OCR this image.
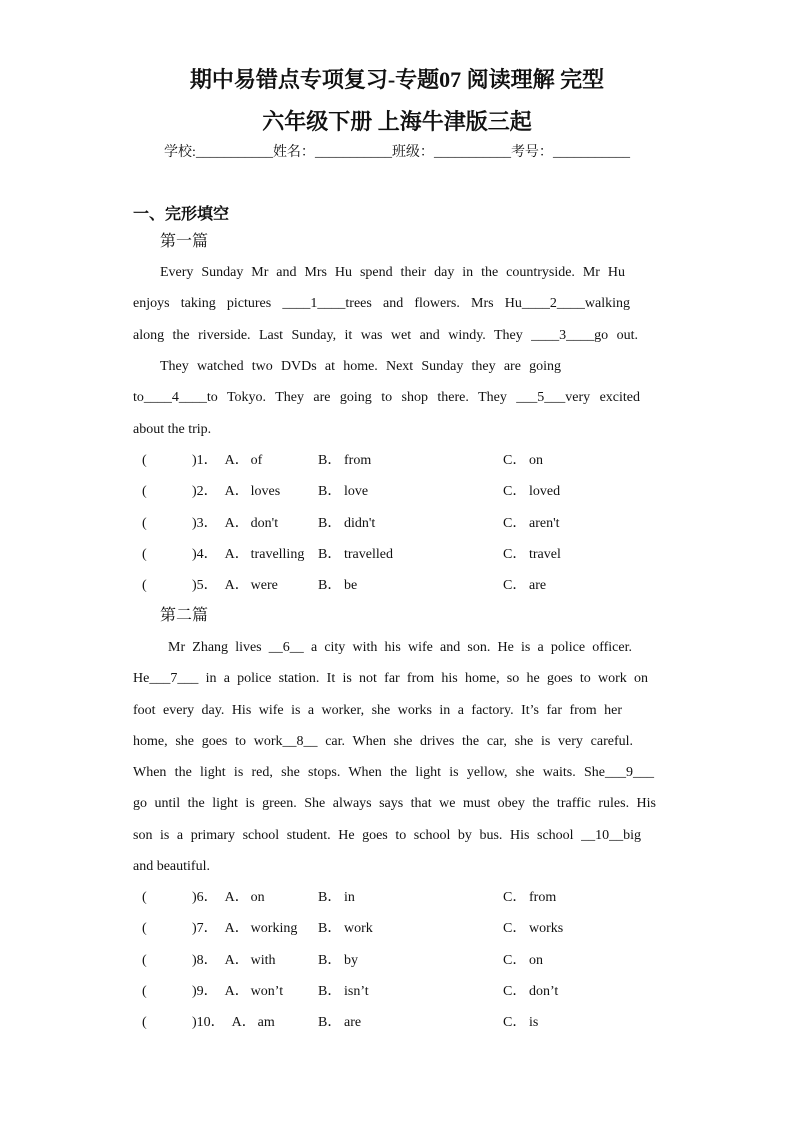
期中易错点专项复习-专题07 阅读理解 完型
六年级下册 上海牛津版三起
学校:___________姓名：___________班级：___________考号：___________
一、完形填空
第一篇
Every Sunday Mr and Mrs Hu spend their day in the countryside. Mr Hu
enjoys taking pictures ____1____trees and flowers. Mrs Hu____2____walking
along the riverside. Last Sunday, it was wet and windy. They ____3____go out.
They watched two DVDs at home. Next Sunday they are going
to____4____to Tokyo. They are going to shop there. They ___5___very excited
about the trip.
(	)1． A． of	B． from	C． on
(	)2． A． loves	B． love	C． loved
(	)3． A． don't	B． didn't	C． aren't
(	)4． A． travelling B． travelled	C． travel
(	)5． A． were	B． be	C． are
第二篇
Mr Zhang lives __6__ a city with his wife and son. He is a police officer.
He___7___ in a police station. It is not far from his home, so he goes to work on
foot every day. His wife is a worker, she works in a factory. It’s far from her
home, she goes to work__8__ car. When she drives the car, she is very careful.
When the light is red, she stops. When the light is yellow, she waits. She___9___
go until the light is green. She always says that we must obey the traffic rules. His
son is a primary school student. He goes to school by bus. His school __10__big
and beautiful.
(	)6． A． on	B． in	C． from
(	)7． A． working B． work	C． works
(	)8． A． with	B． by	C． on
(	)9． A． won’t B． isn’t	C． don’t
(	)10． A． am	B． are	C． is
